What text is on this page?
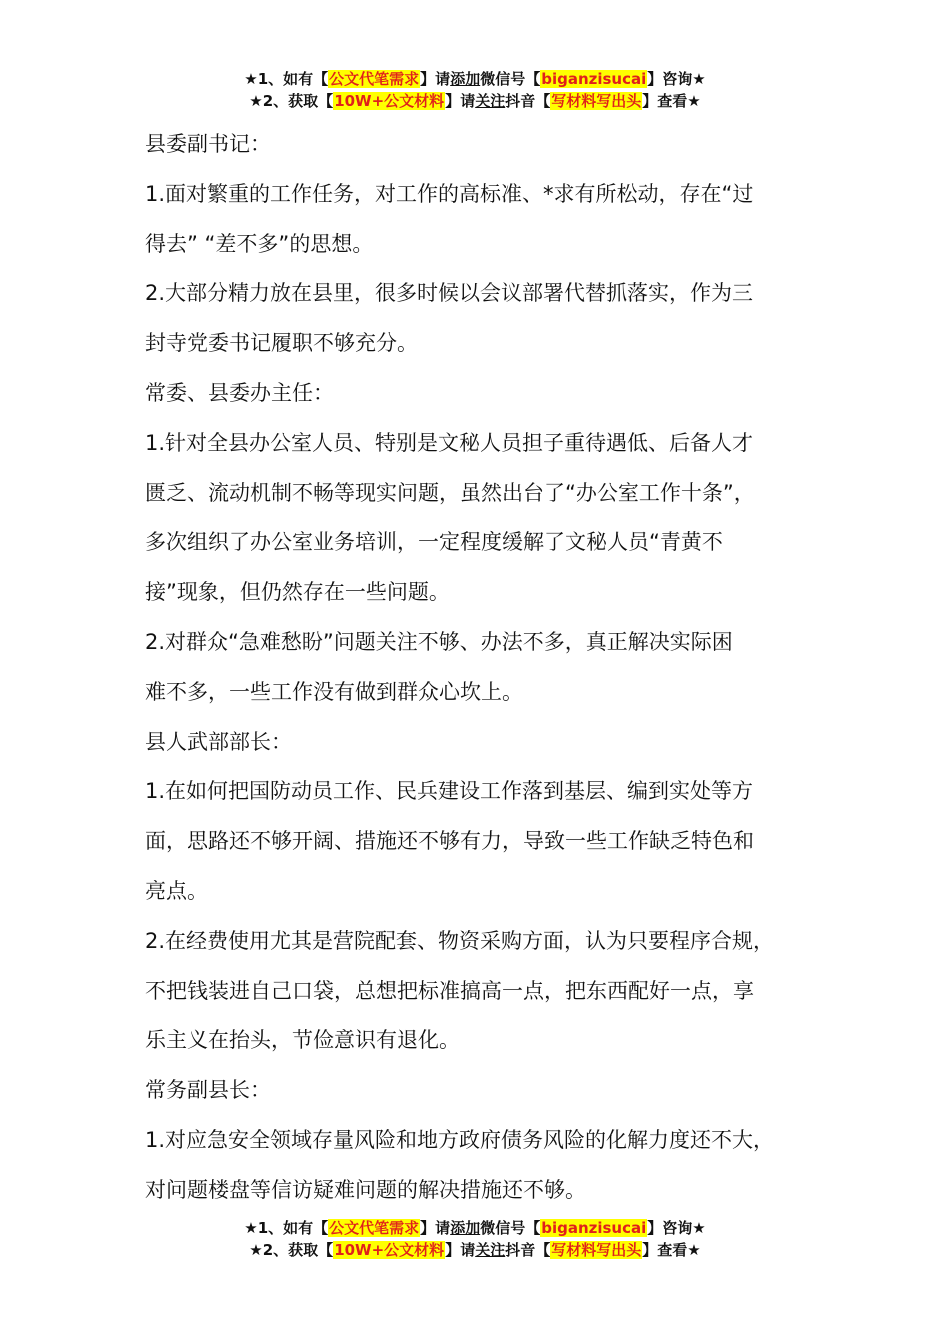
★1、如有【公文代笔需求】请添加微信号【biganzisucai】咨询★
★2、获取【10W+公文材料】请关注抖音【写材料写出头】查看★

县委副书记：

1.面对繁重的工作任务，对工作的高标准、*求有所松动，存在“过

得去” “差不多”的思想。

2.大部分精力放在县里，很多时候以会议部署代替抓落实，作为三

封寺党委书记履职不够充分。

常委、县委办主任：

1.针对全县办公室人员、特别是文秘人员担子重待遇低、后备人才

匮乏、流动机制不畅等现实问题，虽然出台了“办公室工作十条”，

多次组织了办公室业务培训，一定程度缓解了文秘人员“青黄不

接”现象，但仍然存在一些问题。

2.对群众“急难愁盼”问题关注不够、办法不多，真正解决实际困

难不多，一些工作没有做到群众心坎上。

县人武部部长：

1.在如何把国防动员工作、民兵建设工作落到基层、编到实处等方

面，思路还不够开阔、措施还不够有力，导致一些工作缺乏特色和

亮点。

2.在经费使用尤其是营院配套、物资采购方面，认为只要程序合规，

不把钱装进自己口袋，总想把标准搞高一点，把东西配好一点，享

乐主义在抬头，节俭意识有退化。

常务副县长：

1.对应急安全领域存量风险和地方政府债务风险的化解力度还不大，

对问题楼盘等信访疑难问题的解决措施还不够。

★1、如有【公文代笔需求】请添加微信号【biganzisucai】咨询★
★2、获取【10W+公文材料】请关注抖音【写材料写出头】查看★
